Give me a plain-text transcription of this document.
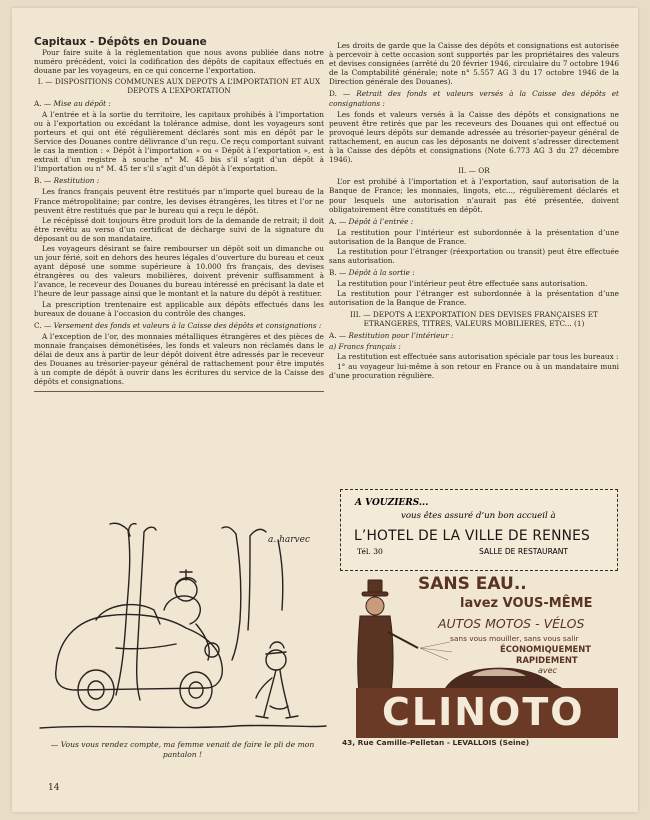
Capitaux - Dépôts en Douane

Pour faire suite à la réglementation que nous avons publiée dans notre numéro précédent, voici la codification des dépôts de capitaux effectués en douane par les voyageurs, en ce qui concerne l’exportation.

I. — DISPOSITIONS COMMUNES AUX DEPOTS A L’IMPORTATION ET AUX DEPOTS A L’EXPORTATION

A. — Mise au dépôt :

A l’entrée et à la sortie du territoire, les capitaux prohibés à l’importation ou à l’exportation ou excédant la tolérance admise, dont les voyageurs sont porteurs et qui ont été régulièrement déclarés sont mis en dépôt par le Service des Douanes contre délivrance d’un reçu. Ce reçu comportant suivant le cas la mention : « Dépôt à l’importation » ou « Dépôt à l’exportation », est extrait d’un registre à souche n° M. 45 bis s’il s’agit d’un dépôt à l’importation ou n° M. 45 ter s’il s’agit d’un dépôt à l’exportation.

B. — Restitution :

Les francs français peuvent être restitués par n’importe quel bureau de la France métropolitaine; par contre, les devises étrangères, les titres et l’or ne peuvent être restitués que par le bureau qui a reçu le dépôt.

Le récépissé doit toujours être produit lors de la demande de retrait; il doit être revêtu au verso d’un certificat de décharge suivi de la signature du déposant ou de son mandataire.

Les voyageurs désirant se faire rembourser un dépôt soit un dimanche ou un jour férié, soit en dehors des heures légales d’ouverture du bureau et ceux ayant déposé une somme supérieure à 10.000 frs français, des devises étrangères ou des valeurs mobilières, doivent prévenir suffisamment à l’avance, le receveur des Douanes du bureau intéressé en précisant la date et l’heure de leur passage ainsi que le montant et la nature du dépôt à restituer.

La prescription trentenaire est applicable aux dépôts effectués dans les bureaux de douane à l’occasion du contrôle des changes.

C. — Versement des fonds et valeurs à la Caisse des dépôts et consignations :

A l’exception de l’or, des monnaies métalliques étrangères et des pièces de monnaie françaises démonétisées, les fonds et valeurs non réclamés dans le délai de deux ans à partir de leur dépôt doivent être adressés par le receveur des Douanes au trésorier-payeur général de rattachement pour être imputés à un compte de dépôt à ouvrir dans les écritures du service de la Caisse des dépôts et consignations.

Les droits de garde que la Caisse des dépôts et consignations est autorisée à percevoir à cette occasion sont supportés par les propriétaires des valeurs et devises consignées (arrêté du 20 février 1946, circulaire du 7 octobre 1946 de la Comptabilité générale; note n° 5.557 AG 3 du 17 octobre 1946 de la Direction générale des Douanes).

D. — Retrait des fonds et valeurs versés à la Caisse des dépôts et consignations :

Les fonds et valeurs versés à la Caisse des dépôts et consignations ne peuvent être retirés que par les receveurs des Douanes qui ont effectué ou provoqué leurs dépôts sur demande adressée au trésorier-payeur général de rattachement, en aucun cas les déposants ne doivent s’adresser directement à la Caisse des dépôts et consignations (Note 6.773 AG 3 du 27 décembre 1946).

II. — OR

L’or est prohibé à l’importation et à l’exportation, sauf autorisation de la Banque de France; les monnaies, lingots, etc..., régulièrement déclarés et pour lesquels une autorisation n’aurait pas été présentée, doivent obligatoirement être constitués en dépôt.

A. — Dépôt à l’entrée :

La restitution pour l’intérieur est subordonnée à la présentation d’une autorisation de la Banque de France.

La restitution pour l’étranger (réexportation ou transit) peut être effectuée sans autorisation.

B. — Dépôt à la sortie :

La restitution pour l’intérieur peut être effectuée sans autorisation.

La restitution pour l’étranger est subordonnée à la présentation d’une autorisation de la Banque de France.

III. — DEPOTS A L’EXPORTATION DES DEVISES FRANÇAISES ET ETRANGERES, TITRES, VALEURS MOBILIERES, ETC... (1)

A. — Restitution pour l’intérieur :

a) Francs français :

La restitution est effectuée sans autorisation spéciale par tous les bureaux :

1° au voyageur lui-même à son retour en France ou à un mandataire muni d’une procuration régulière.

a. harvec
— Vous vous rendez compte, ma femme venait de faire le pli de mon pantalon !
14
A VOUZIERS...
vous êtes assuré d’un bon accueil à
L’HOTEL DE LA VILLE DE RENNES
Tél. 30	SALLE DE RESTAURANT
SANS EAU..
lavez VOUS-MÊME
AUTOS MOTOS - VÉLOS
sans vous mouiller, sans vous salir
ÉCONOMIQUEMENT
RAPIDEMENT
avec
CLINOTO
43, Rue Camille-Pelletan - LEVALLOIS (Seine)
